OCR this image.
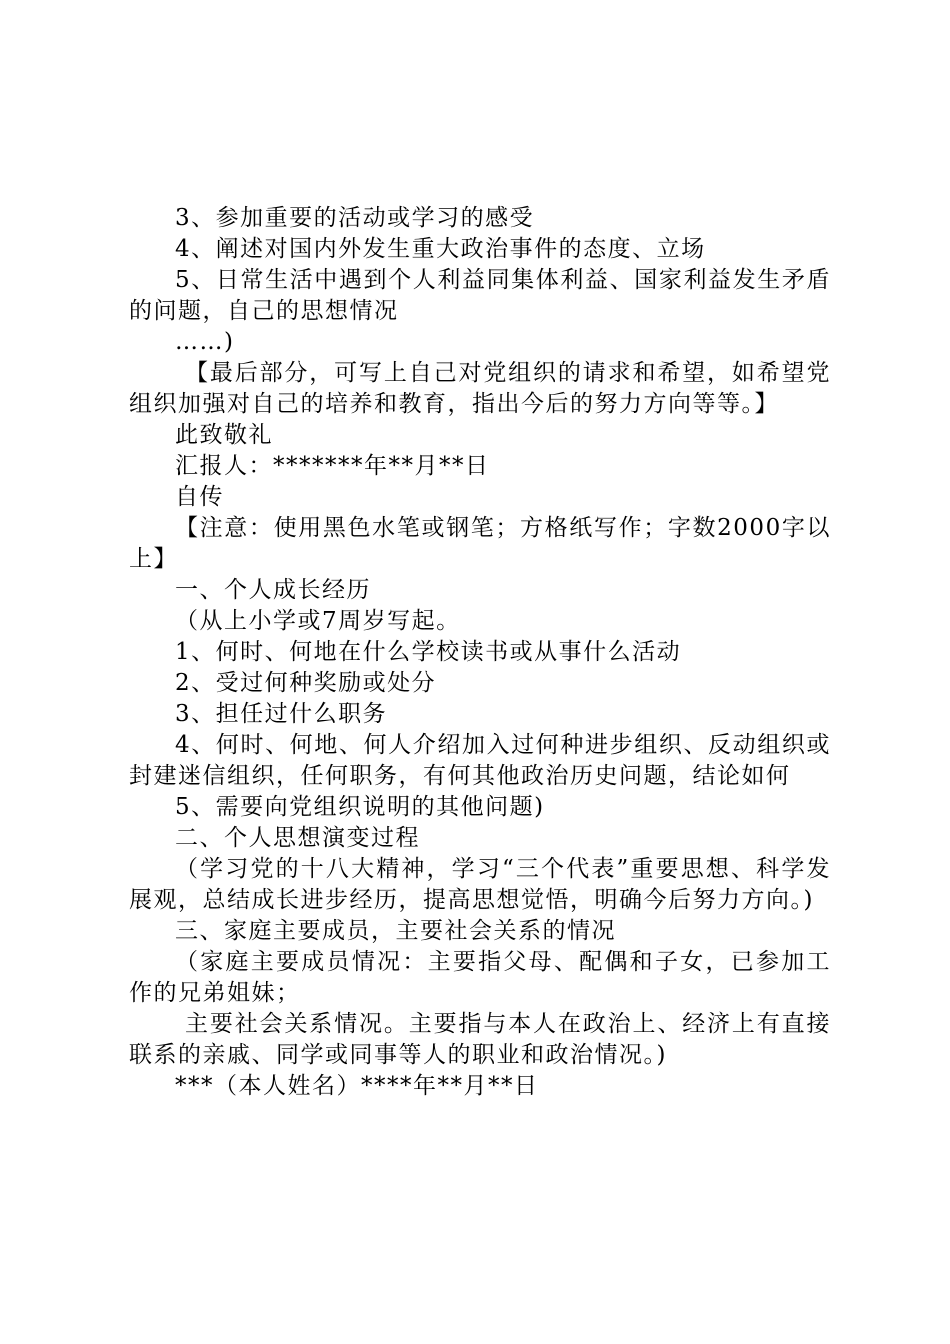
3、参加重要的活动或学习的感受

4、阐述对国内外发生重大政治事件的态度、立场

5、日常生活中遇到个人利益同集体利益、国家利益发生矛盾的问题，自己的思想情况

……)

【最后部分，可写上自己对党组织的请求和希望，如希望党组织加强对自己的培养和教育，指出今后的努力方向等等。】

此致敬礼

汇报人：*******年**月**日

自传

【注意：使用黑色水笔或钢笔；方格纸写作；字数2000字以上】

一、个人成长经历

（从上小学或7周岁写起。

1、何时、何地在什么学校读书或从事什么活动

2、受过何种奖励或处分

3、担任过什么职务

4、何时、何地、何人介绍加入过何种进步组织、反动组织或封建迷信组织，任何职务，有何其他政治历史问题，结论如何

5、需要向党组织说明的其他问题)

二、个人思想演变过程

（学习党的十八大精神，学习“三个代表”重要思想、科学发展观，总结成长进步经历，提高思想觉悟，明确今后努力方向。)

三、家庭主要成员，主要社会关系的情况

（家庭主要成员情况：主要指父母、配偶和子女，已参加工作的兄弟姐妹；

主要社会关系情况。主要指与本人在政治上、经济上有直接联系的亲戚、同学或同事等人的职业和政治情况。)

***（本人姓名）****年**月**日
